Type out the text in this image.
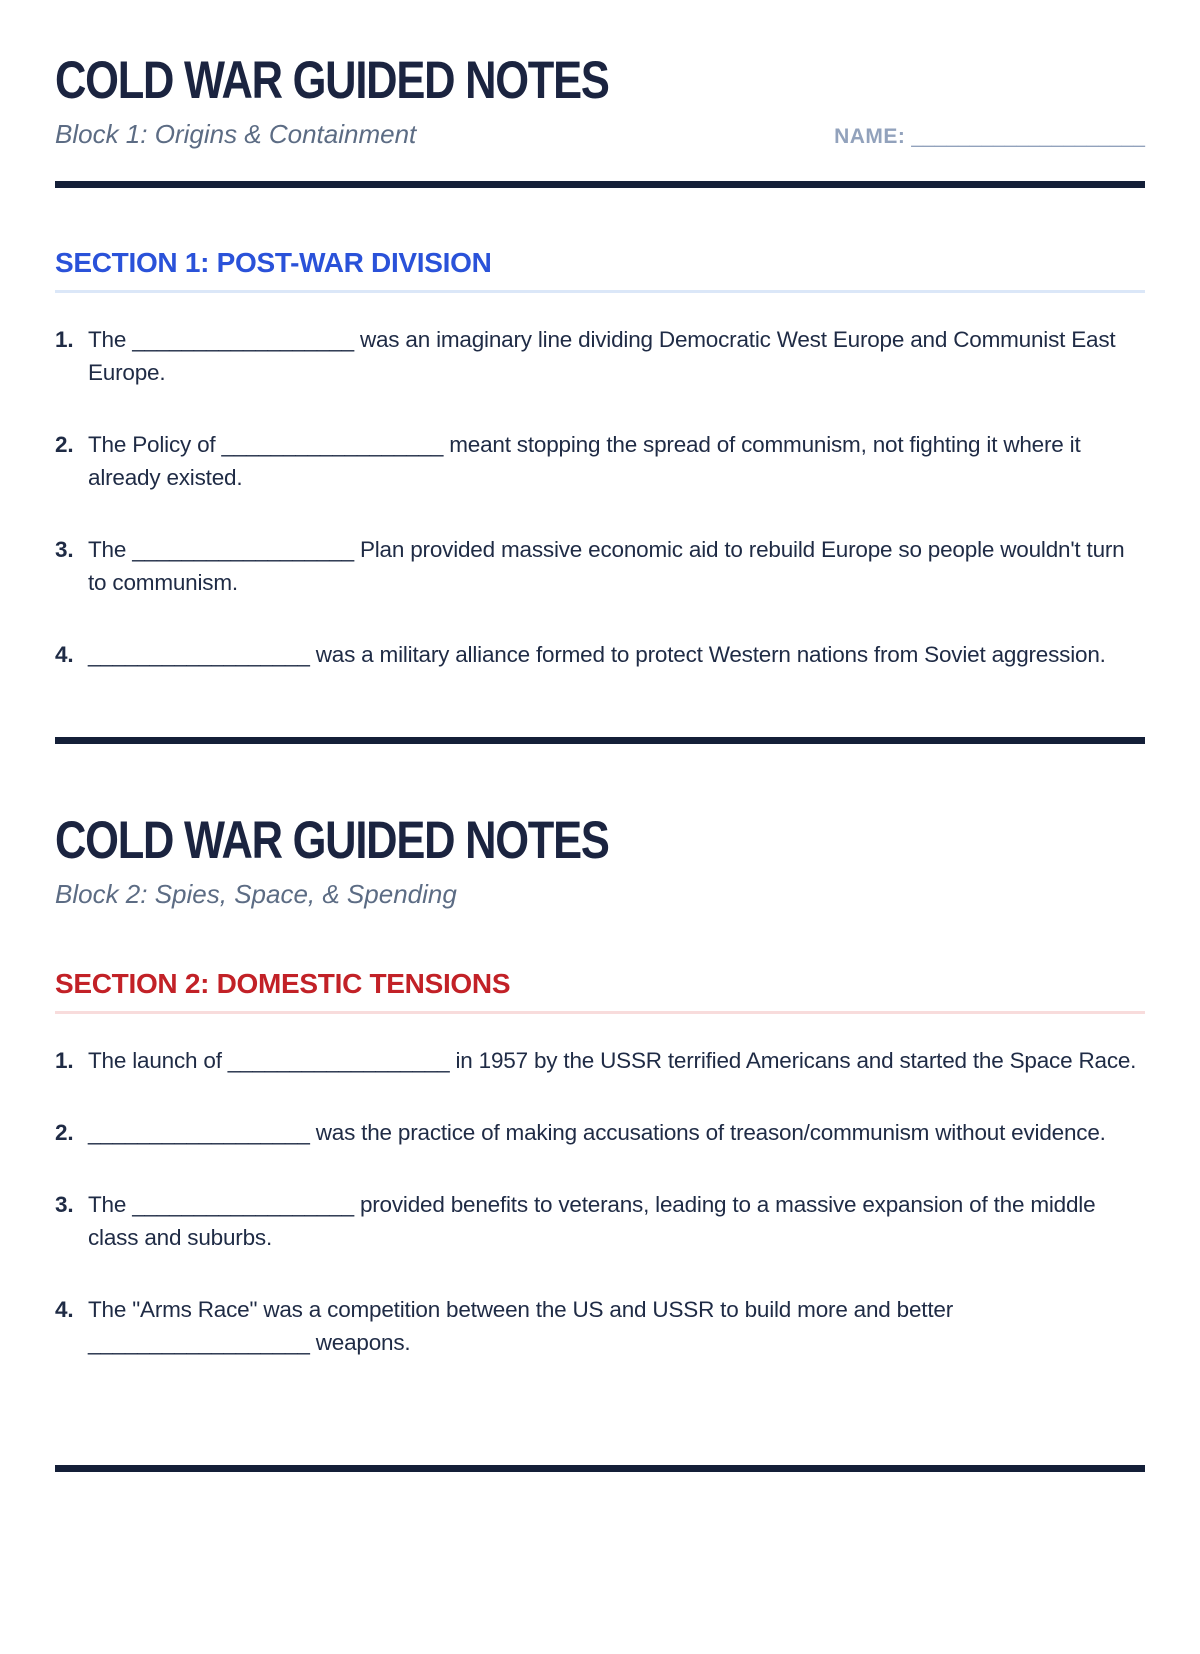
COLD WAR GUIDED NOTES
Block 1: Origins & Containment	NAME: ____________________
SECTION 1: POST-WAR DIVISION
1. The __________________ was an imaginary line dividing Democratic West Europe and Communist East Europe.
2. The Policy of __________________ meant stopping the spread of communism, not fighting it where it already existed.
3. The __________________ Plan provided massive economic aid to rebuild Europe so people wouldn't turn to communism.
4. __________________ was a military alliance formed to protect Western nations from Soviet aggression.
COLD WAR GUIDED NOTES
Block 2: Spies, Space, & Spending
SECTION 2: DOMESTIC TENSIONS
1. The launch of __________________ in 1957 by the USSR terrified Americans and started the Space Race.
2. __________________ was the practice of making accusations of treason/communism without evidence.
3. The __________________ provided benefits to veterans, leading to a massive expansion of the middle class and suburbs.
4. The "Arms Race" was a competition between the US and USSR to build more and better __________________ weapons.
